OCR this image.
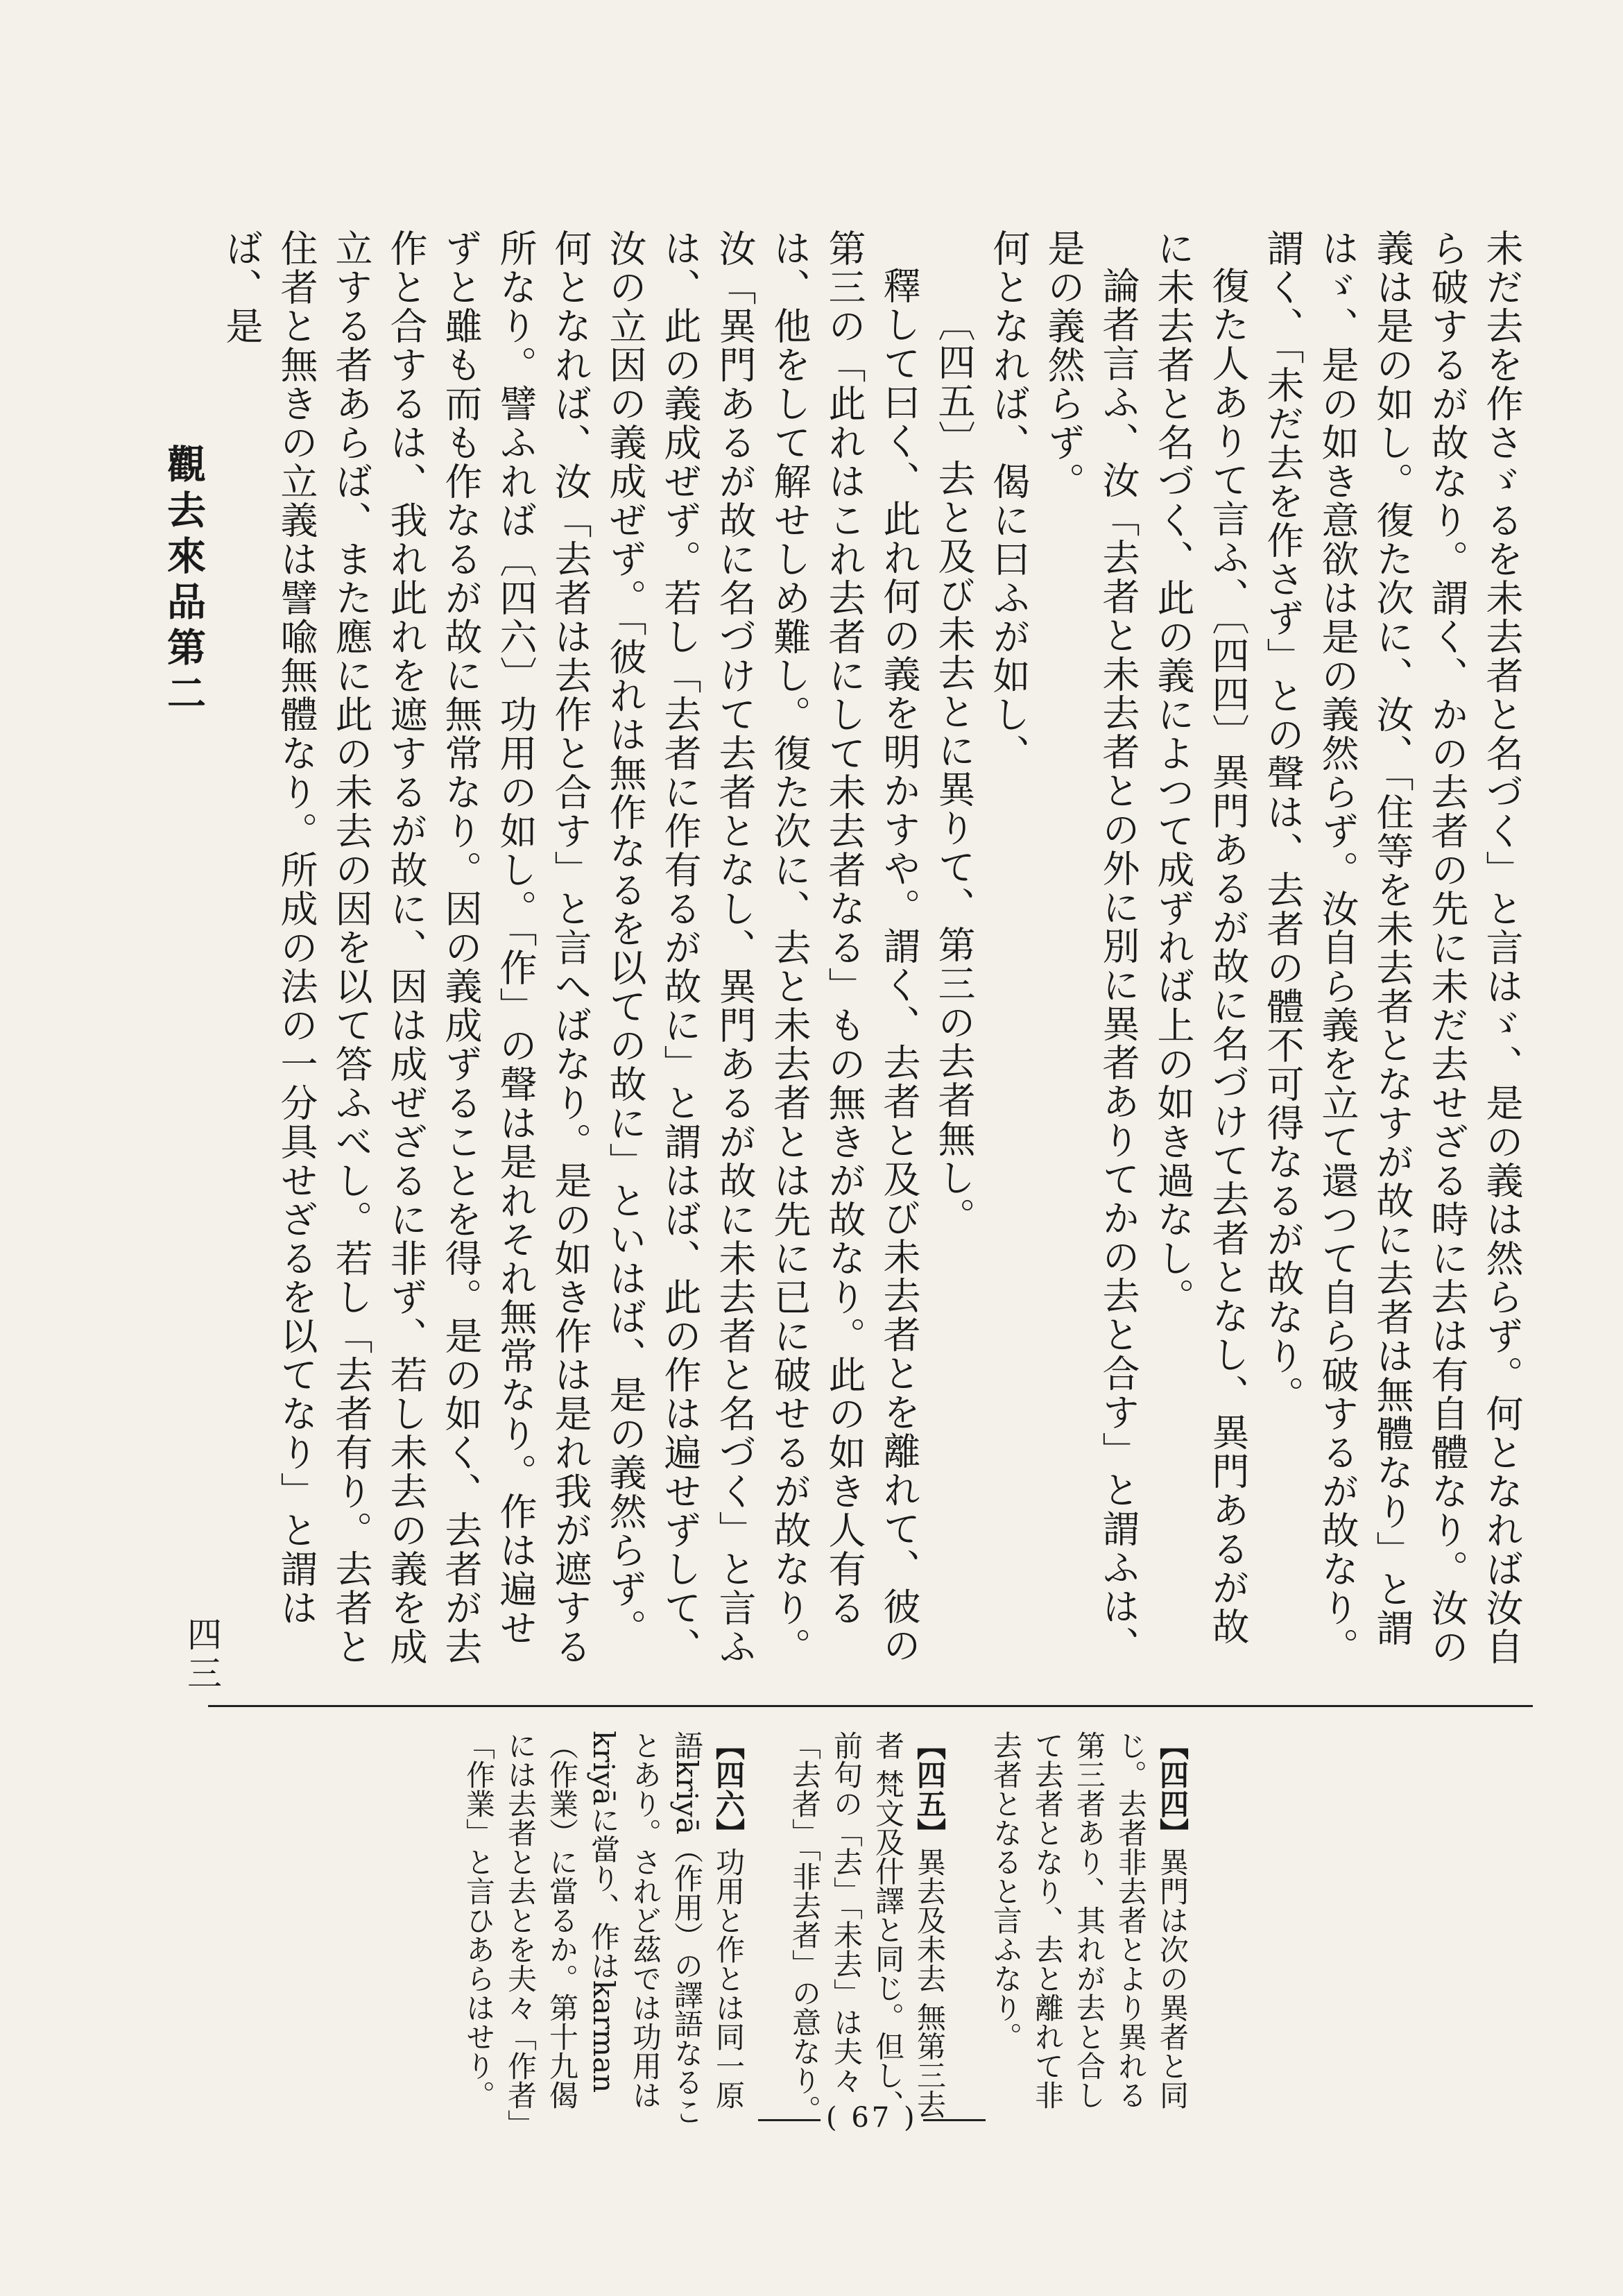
未だ去を作さゞるを未去者と名づく」と言はゞ、是の義は然らず。何となれば汝自ら破するが故なり。謂く、かの去者の先に未だ去せざる時に去は有自體なり。汝の義は是の如し。復た次に、汝、「住等を未去者となすが故に去者は無體なり」と謂はゞ、是の如き意欲は是の義然らず。汝自ら義を立て還つて自ら破するが故なり。謂く、「未だ去を作さず」との聲は、去者の體不可得なるが故なり。

復た人ありて言ふ、〔四四〕異門あるが故に名づけて去者となし、異門あるが故に未去者と名づく、此の義によつて成ずれば上の如き過なし。

論者言ふ、汝「去者と未去者との外に別に異者ありてかの去と合す」と謂ふは、是の義然らず。

何となれば、偈に曰ふが如し、

〔四五〕去と及び未去とに異りて、第三の去者無し。

釋して曰く、此れ何の義を明かすや。謂く、去者と及び未去者とを離れて、彼の第三の「此れはこれ去者にして未去者なる」もの無きが故なり。此の如き人有るは、他をして解せしめ難し。復た次に、去と未去者とは先に已に破せるが故なり。汝「異門あるが故に名づけて去者となし、異門あるが故に未去者と名づく」と言ふは、此の義成ぜず。若し「去者に作有るが故に」と謂はば、此の作は遍せずして、汝の立因の義成ぜず。「彼れは無作なるを以ての故に」といはば、是の義然らず。何となれば、汝「去者は去作と合す」と言へばなり。是の如き作は是れ我が遮する所なり。譬ふれば〔四六〕功用の如し。「作」の聲は是れそれ無常なり。作は遍せずと雖も而も作なるが故に無常なり。因の義成ずることを得。是の如く、去者が去作と合するは、我れ此れを遮するが故に、因は成ぜざるに非ず、若し未去の義を成立する者あらば、また應に此の未去の因を以て答ふべし。若し「去者有り。去者と住者と無きの立義は譬喩無體なり。所成の法の一分具せざるを以てなり」と謂はば、是

觀去來品第二
四三
【四四】異門は次の異者と同じ。去者非去者とより異れる第三者あり、其れが去と合して去者となり、去と離れて非去者となると言ふなり。
【四五】異去及未去 無第三去者 梵文及什譯と同じ。但し、前句の「去」「未去」は夫々「去者」「非去者」の意なり。
【四六】功用と作とは同一原語kriyā（作用）の譯語なることあり。されど茲では功用はkriyāに當り、作はkarman（作業）に當るか。第十九偈には去者と去とを夫々「作者」「作業」と言ひあらはせり。
( 67 )
